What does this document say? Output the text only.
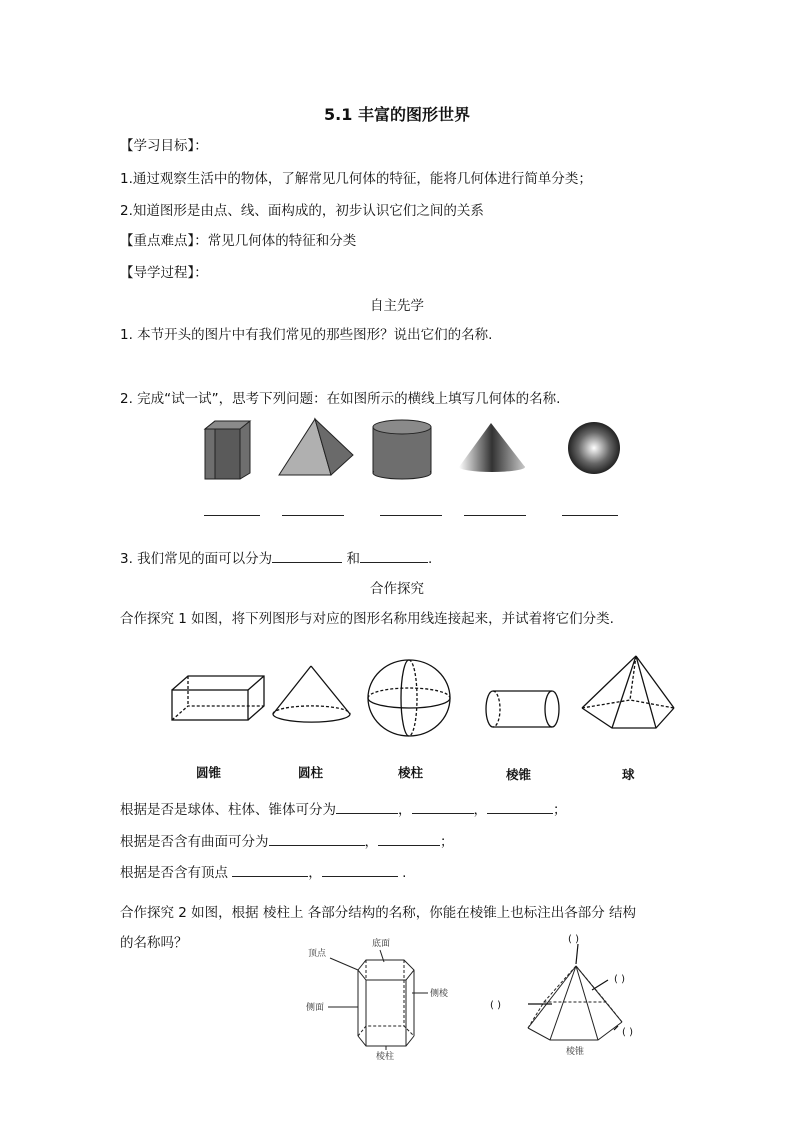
5.1 丰富的图形世界
【学习目标】：
1.通过观察生活中的物体，了解常见几何体的特征，能将几何体进行简单分类；
2.知道图形是由点、线、面构成的，初步认识它们之间的关系
【重点难点】：常见几何体的特征和分类
【导学过程】：
自主先学
1. 本节开头的图片中有我们常见的那些图形？说出它们的名称.
2. 完成“试一试”，思考下列问题：在如图所示的横线上填写几何体的名称.
3. 我们常见的面可以分为	和	.
合作探究
合作探究 1 如图，将下列图形与对应的图形名称用线连接起来，并试着将它们分类.
圆锥	圆柱	棱柱	棱锥	球
根据是否是球体、柱体、锥体可分为	，	，	；
根据是否含有曲面可分为	，	；
根据是否含有顶点	，	.
合作探究 2 如图，根据 棱柱上 各部分结构的名称，你能在棱锥上也标注出各部分 结构
的名称吗？	底面
顶点
侧棱
侧面
棱柱
( )
( )
( )
( )
棱锥
